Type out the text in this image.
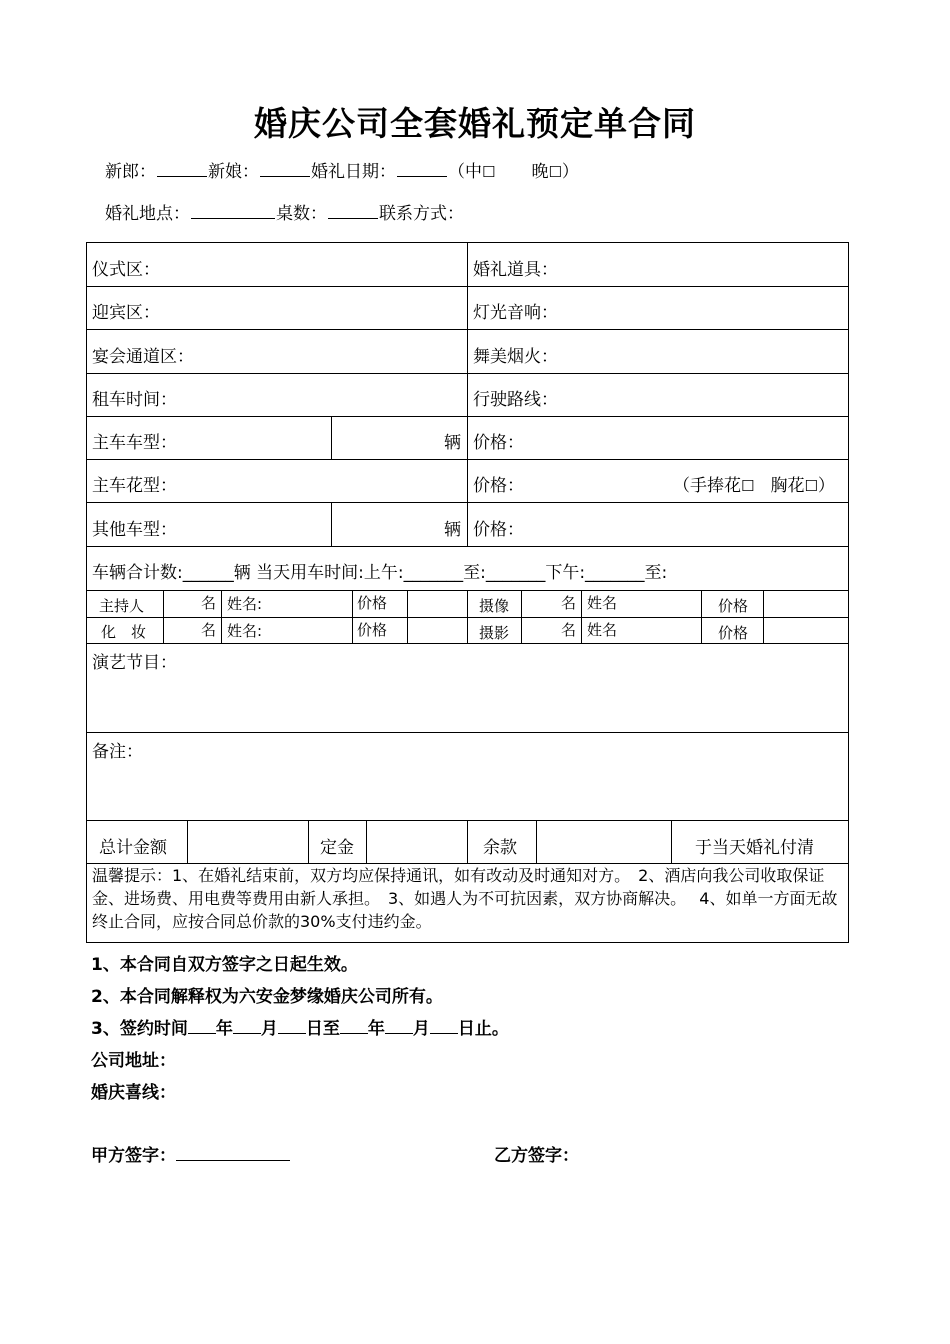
婚庆公司全套婚礼预定单合同
新郎：	新娘：	婚礼日期：	（中☐ 晚☐）
婚礼地点：	桌数：	联系方式：
仪式区：	婚礼道具：
迎宾区：	灯光音响：
宴会通道区：	舞美烟火：
租车时间：	行驶路线：
主车车型：	辆 价格：
主车花型：	价格：	（手捧花☐ 胸花☐）
其他车型：	辆 价格：
车辆合计数:______辆 当天用车时间:上午:_______至:_______下午:_______至:
主持人	名 姓名:	价格	摄像	名 姓名	价格
化　妆	名 姓名:	价格	摄影	名 姓名	价格
演艺节目：
备注：
总计金额	定金	余款	于当天婚礼付清
温馨提示：1、在婚礼结束前，双方均应保持通讯，如有改动及时通知对方。　2、酒店向我公司收取保证金、进场费、用电费等费用由新人承担。　3、如遇人为不可抗因素，双方协商解决。　 4、如单一方面无故终止合同，应按合同总价款的30%支付违约金。
1、本合同自双方签字之日起生效。
2、本合同解释权为六安金梦缘婚庆公司所有。
3、签约时间 年 月 日至 年 月 日止。
公司地址：
婚庆喜线：
甲方签字：	乙方签字：
